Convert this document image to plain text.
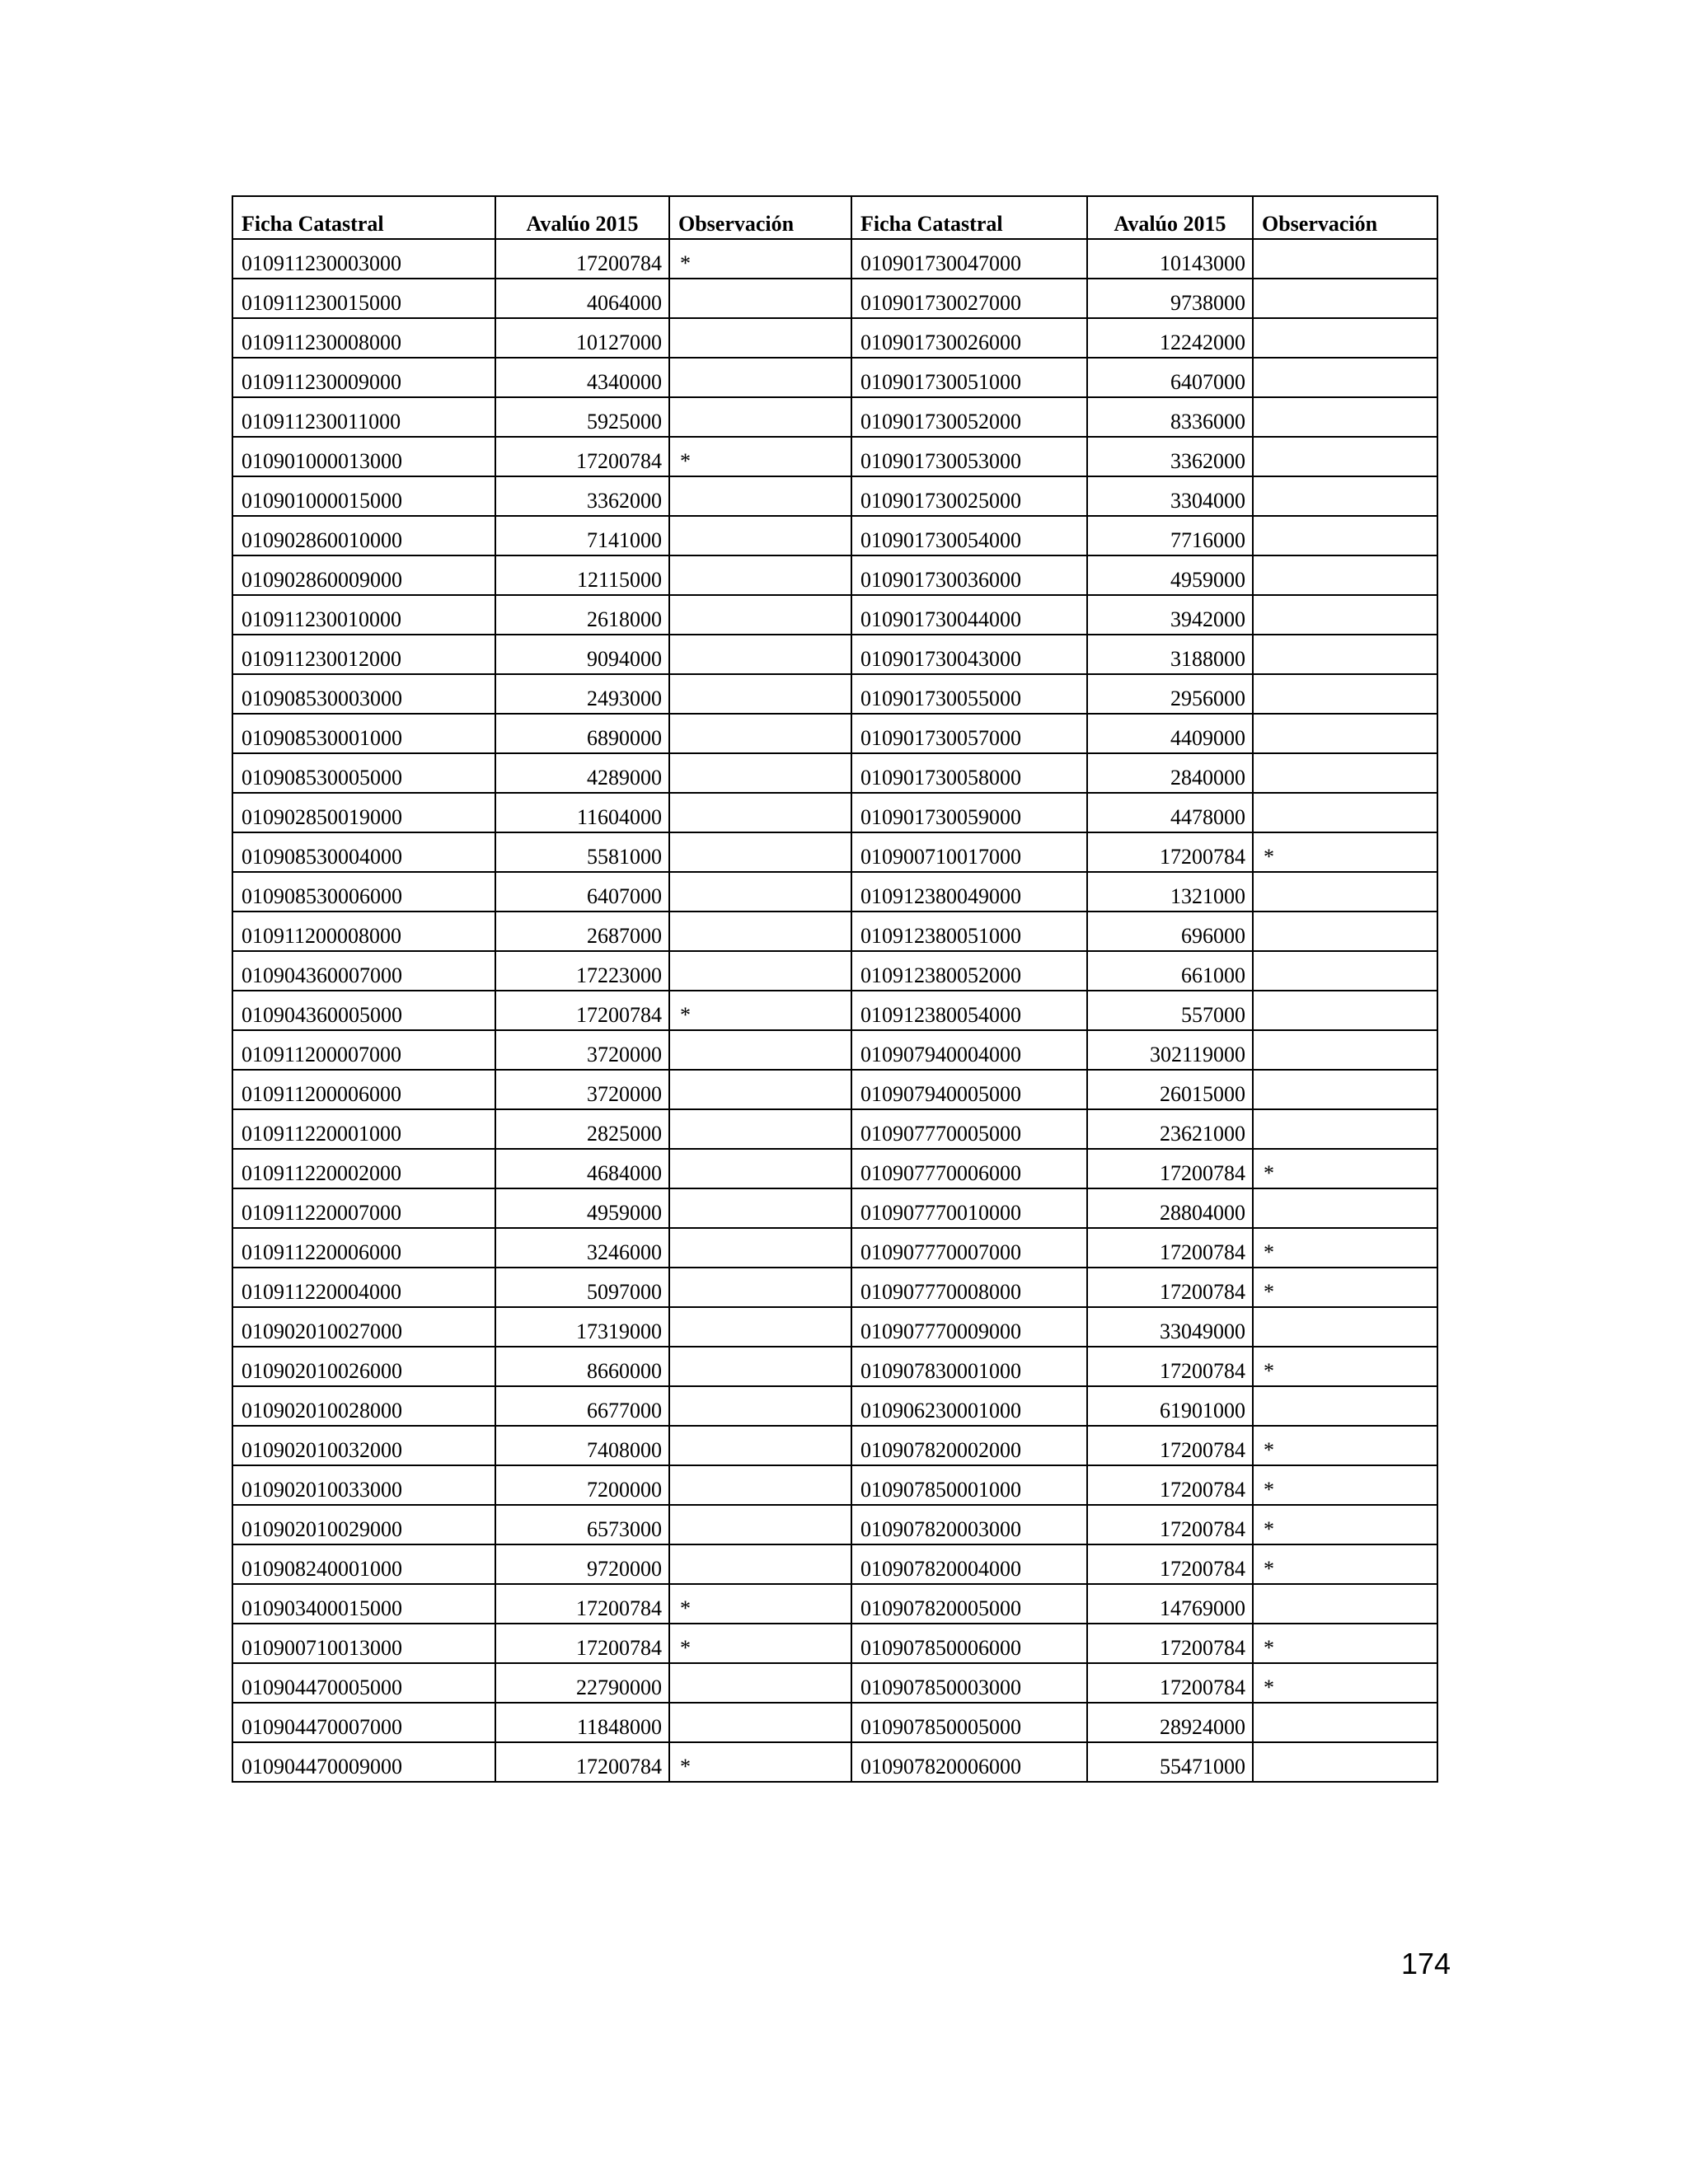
Ficha Catastral	Avalúo 2015	Observación	Ficha Catastral	Avalúo 2015	Observación
010911230003000	17200784	*	010901730047000	10143000	
010911230015000	4064000		010901730027000	9738000	
010911230008000	10127000		010901730026000	12242000	
010911230009000	4340000		010901730051000	6407000	
010911230011000	5925000		010901730052000	8336000	
010901000013000	17200784	*	010901730053000	3362000	
010901000015000	3362000		010901730025000	3304000	
010902860010000	7141000		010901730054000	7716000	
010902860009000	12115000		010901730036000	4959000	
010911230010000	2618000		010901730044000	3942000	
010911230012000	9094000		010901730043000	3188000	
010908530003000	2493000		010901730055000	2956000	
010908530001000	6890000		010901730057000	4409000	
010908530005000	4289000		010901730058000	2840000	
010902850019000	11604000		010901730059000	4478000	
010908530004000	5581000		010900710017000	17200784	*
010908530006000	6407000		010912380049000	1321000	
010911200008000	2687000		010912380051000	696000	
010904360007000	17223000		010912380052000	661000	
010904360005000	17200784	*	010912380054000	557000	
010911200007000	3720000		010907940004000	302119000	
010911200006000	3720000		010907940005000	26015000	
010911220001000	2825000		010907770005000	23621000	
010911220002000	4684000		010907770006000	17200784	*
010911220007000	4959000		010907770010000	28804000	
010911220006000	3246000		010907770007000	17200784	*
010911220004000	5097000		010907770008000	17200784	*
010902010027000	17319000		010907770009000	33049000	
010902010026000	8660000		010907830001000	17200784	*
010902010028000	6677000		010906230001000	61901000	
010902010032000	7408000		010907820002000	17200784	*
010902010033000	7200000		010907850001000	17200784	*
010902010029000	6573000		010907820003000	17200784	*
010908240001000	9720000		010907820004000	17200784	*
010903400015000	17200784	*	010907820005000	14769000	
010900710013000	17200784	*	010907850006000	17200784	*
010904470005000	22790000		010907850003000	17200784	*
010904470007000	11848000		010907850005000	28924000	
010904470009000	17200784	*	010907820006000	55471000	
174
